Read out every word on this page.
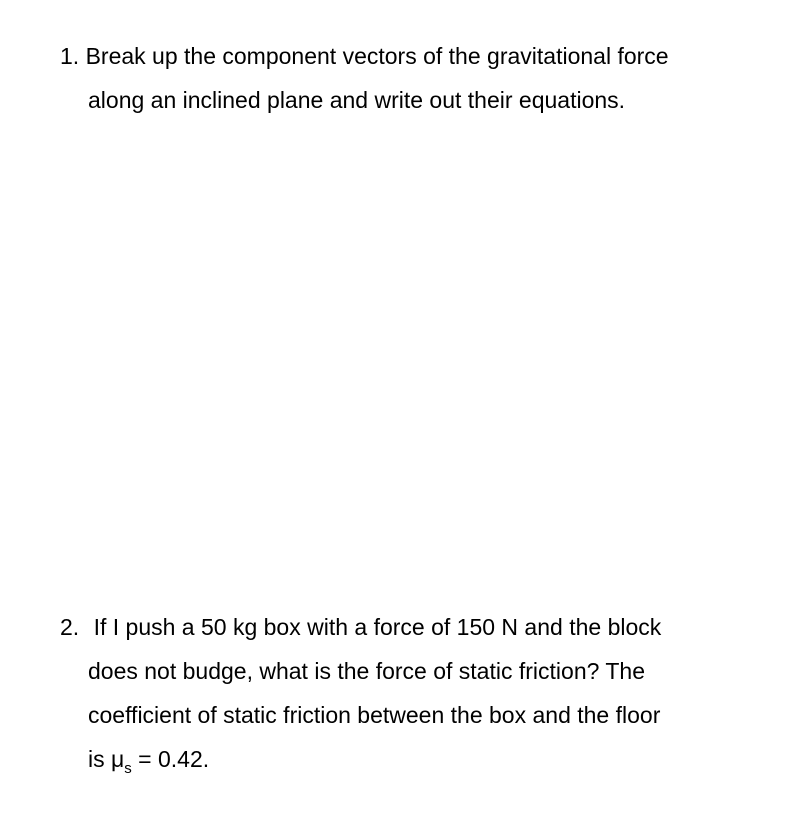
1. Break up the component vectors of the gravitational force
along an inclined plane and write out their equations.
2. If I push a 50 kg box with a force of 150 N and the block
does not budge, what is the force of static friction? The
coefficient of static friction between the box and the floor
is $\mu_s = 0.42$.
